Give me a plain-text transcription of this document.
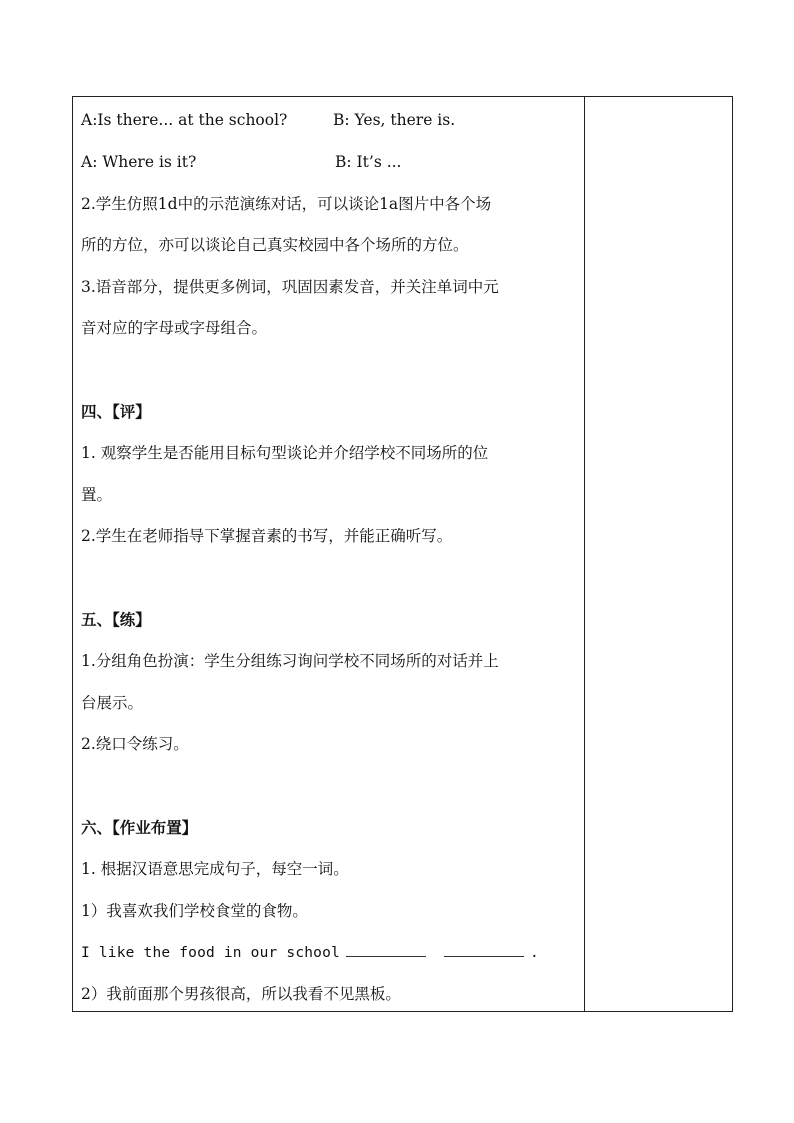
A:Is there... at the school?	B: Yes, there is.
A: Where is it?	B: It’s ...
2.学生仿照1d中的示范演练对话，可以谈论1a图片中各个场
所的方位，亦可以谈论自己真实校园中各个场所的方位。
3.语音部分，提供更多例词，巩固因素发音，并关注单词中元
音对应的字母或字母组合。
四、【评】
1. 观察学生是否能用目标句型谈论并介绍学校不同场所的位
置。
2.学生在老师指导下掌握音素的书写，并能正确听写。
五、【练】
1.分组角色扮演：学生分组练习询问学校不同场所的对话并上
台展示。
2.绕口令练习。
六、【作业布置】
1. 根据汉语意思完成句子，每空一词。
1）我喜欢我们学校食堂的食物。
I like the food in our school	.
2）我前面那个男孩很高，所以我看不见黑板。
